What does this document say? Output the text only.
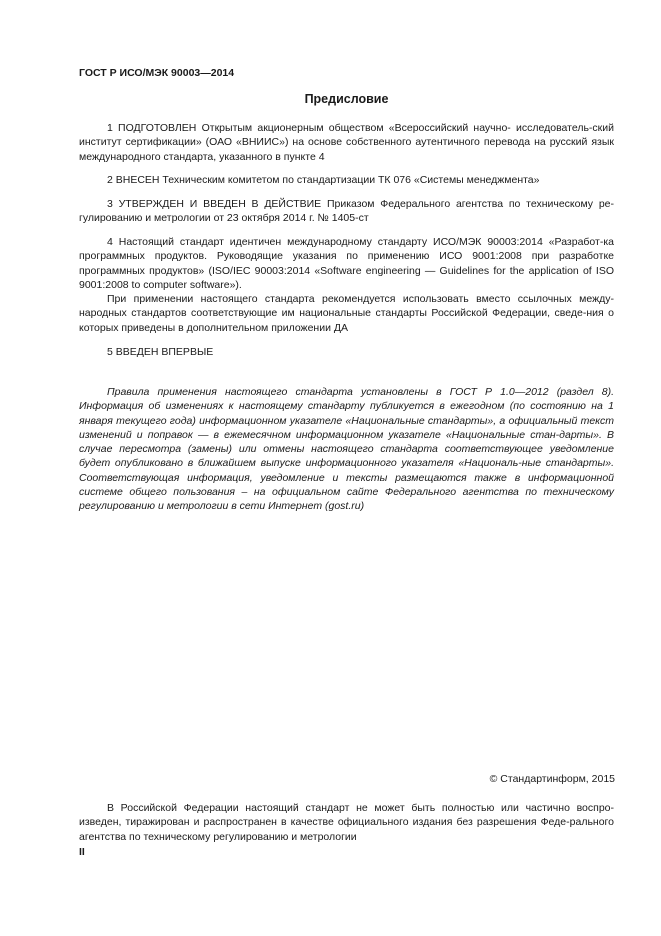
ГОСТ Р ИСО/МЭК 90003—2014
Предисловие

1 ПОДГОТОВЛЕН Открытым акционерным обществом «Всероссийский научно- исследователь-ский институт сертификации» (ОАО «ВНИИС») на основе собственного аутентичного перевода на русский язык международного стандарта, указанного в пункте 4

2 ВНЕСЕН Техническим комитетом по стандартизации ТК 076 «Системы менеджмента»

3 УТВЕРЖДЕН И ВВЕДЕН В ДЕЙСТВИЕ Приказом Федерального агентства по техническому ре-гулированию и метрологии от 23 октября 2014 г. № 1405-ст

4 Настоящий стандарт идентичен международному стандарту ИСО/МЭК 90003:2014 «Разработ-ка программных продуктов. Руководящие указания по применению ИСО 9001:2008 при разработке программных продуктов» (ISO/IEC 90003:2014 «Software engineering — Guidelines for the application of ISO 9001:2008 to computer software»).

При применении настоящего стандарта рекомендуется использовать вместо ссылочных между-народных стандартов соответствующие им национальные стандарты Российской Федерации, сведе-ния о которых приведены в дополнительном приложении ДА

5 ВВЕДЕН ВПЕРВЫЕ

Правила применения настоящего стандарта установлены в ГОСТ Р 1.0—2012 (раздел 8). Информация об изменениях к настоящему стандарту публикуется в ежегодном (по состоянию на 1 января текущего года) информационном указателе «Национальные стандарты», а официальный текст изменений и поправок — в ежемесячном информационном указателе «Национальные стан-дарты». В случае пересмотра (замены) или отмены настоящего стандарта соответствующее уведомление будет опубликовано в ближайшем выпуске информационного указателя «Националь-ные стандарты». Соответствующая информация, уведомление и тексты размещаются также в информационной системе общего пользования – на официальном сайте Федерального агентства по техническому регулированию и метрологии в сети Интернет (gost.ru)

© Стандартинформ, 2015

В Российской Федерации настоящий стандарт не может быть полностью или частично воспро-изведен, тиражирован и распространен в качестве официального издания без разрешения Феде-рального агентства по техническому регулированию и метрологии

II
